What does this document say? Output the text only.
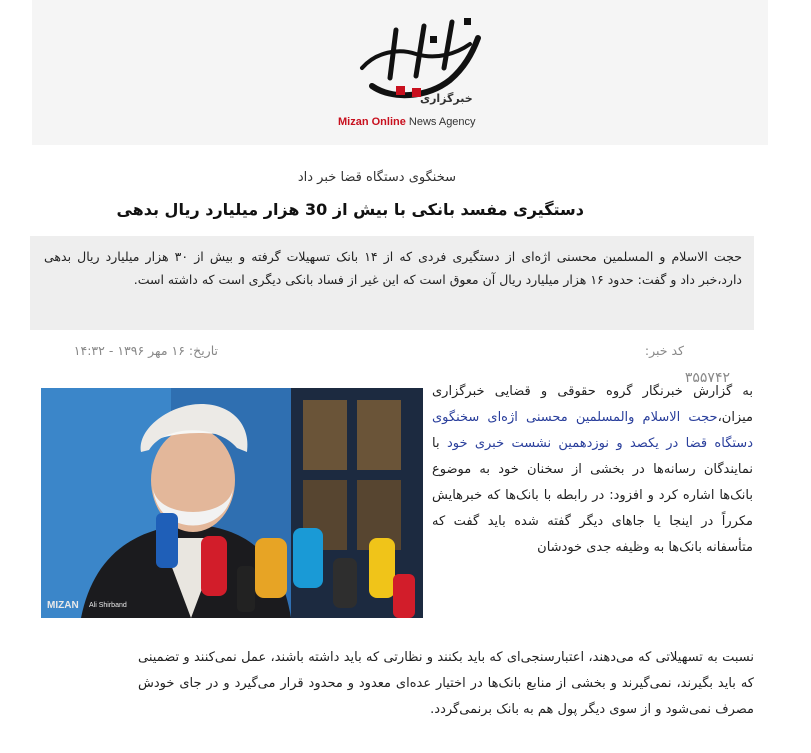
خبرگزاری
Mizan Online News Agency
سخنگوی دستگاه قضا خبر داد
دستگیری مفسد بانکی با بیش از 30 هزار میلیارد ریال بدهی
حجت الاسلام و المسلمین محسنی اژه‌ای از دستگیری فردی که از ۱۴ بانک تسهیلات گرفته و بیش از ۳۰ هزار میلیارد ریال بدهی دارد،خبر داد و گفت: حدود ۱۶ هزار میلیارد ریال آن معوق است که این غیر از فساد بانکی دیگری است که داشته است.
کد خبر:
۳۵۵۷۴۲
تاریخ: ۱۶ مهر ۱۳۹۶ - ۱۴:۳۲
MIZAN Ali Shirband
به گزارش خبرنگار گروه حقوقی و قضایی خبرگزاری میزان،حجت الاسلام والمسلمین محسنی اژه‌ای سخنگوی دستگاه قضا در یکصد و نوزدهمین نشست خبری خود با نمایندگان رسانه‌ها در بخشی از سخنان خود به موضوع بانک‌ها اشاره کرد و افزود: در رابطه با بانک‌ها که خبرهایش مکرراً در اینجا یا جاهای دیگر گفته شده باید گفت که متأسفانه بانک‌ها به وظیفه جدی خودشان
نسبت به تسهیلاتی که می‌دهند، اعتبارسنجی‌ای که باید بکنند و نظارتی که باید داشته باشند، عمل نمی‌کنند و تضمینی که باید بگیرند، نمی‌گیرند و بخشی از منابع بانک‌ها در اختیار عده‌ای معدود و محدود قرار می‌گیرد و در جای خودش مصرف نمی‌شود و از سوی دیگر پول هم به بانک برنمی‌گردد.
